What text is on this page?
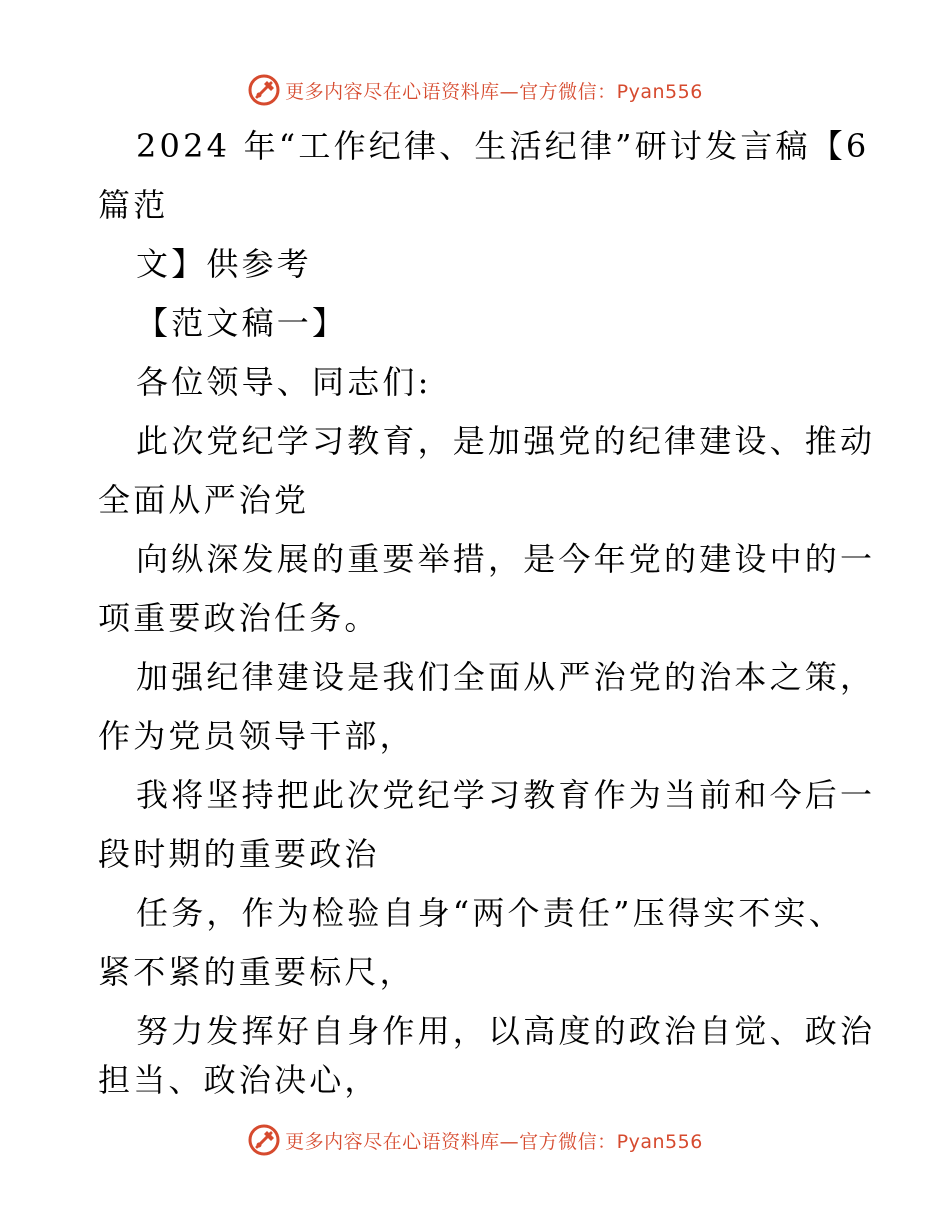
更多内容尽在心语资料库—官方微信：Pyan556
2024 年“工作纪律、生活纪律”研讨发言稿【6
篇范
文】供参考
【范文稿一】
各位领导、同志们:
此次党纪学习教育，是加强党的纪律建设、推动
全面从严治党
向纵深发展的重要举措，是今年党的建设中的一
项重要政治任务。
加强纪律建设是我们全面从严治党的治本之策，
作为党员领导干部，
我将坚持把此次党纪学习教育作为当前和今后一
段时期的重要政治
任务，作为检验自身“两个责任”压得实不实、
紧不紧的重要标尺，
努力发挥好自身作用，以高度的政治自觉、政治
担当、政治决心，
更多内容尽在心语资料库—官方微信：Pyan556
